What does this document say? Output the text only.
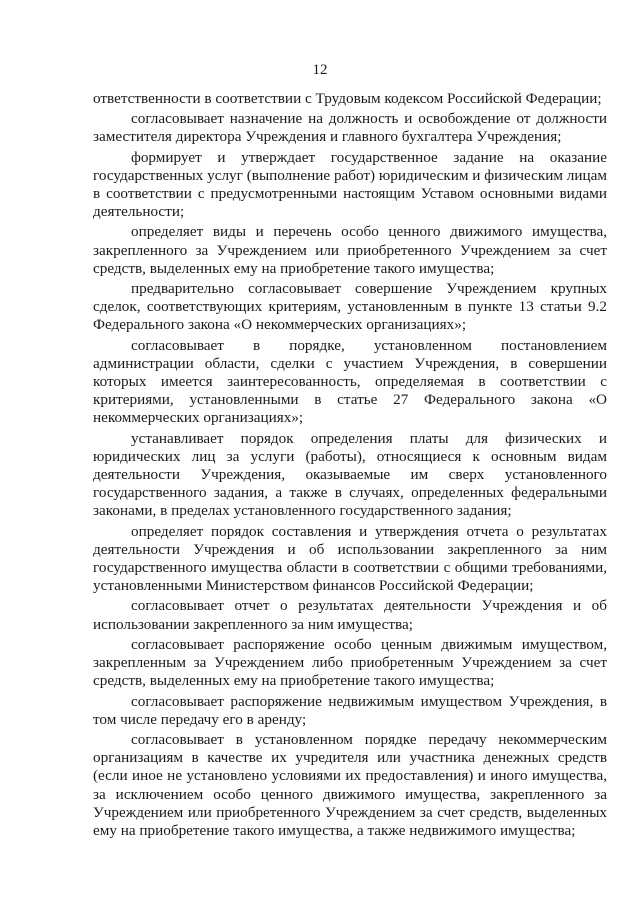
12

ответственности в соответствии с Трудовым кодексом Российской Федерации;

согласовывает назначение на должность и освобождение от должности заместителя директора Учреждения и главного бухгалтера Учреждения;

формирует и утверждает государственное задание на оказание государственных услуг (выполнение работ) юридическим и физическим лицам в соответствии с предусмотренными настоящим Уставом основными видами деятельности;

определяет виды и перечень особо ценного движимого имущества, закрепленного за Учреждением или приобретенного Учреждением за счет средств, выделенных ему на приобретение такого имущества;

предварительно согласовывает совершение Учреждением крупных сделок, соответствующих критериям, установленным в пункте 13 статьи 9.2 Федерального закона «О некоммерческих организациях»;

согласовывает в порядке, установленном постановлением администрации области, сделки с участием Учреждения, в совершении которых имеется заинтересованность, определяемая в соответствии с критериями, установленными в статье 27 Федерального закона «О некоммерческих организациях»;

устанавливает порядок определения платы для физических и юридических лиц за услуги (работы), относящиеся к основным видам деятельности Учреждения, оказываемые им сверх установленного государственного задания, а также в случаях, определенных федеральными законами, в пределах установленного государственного задания;

определяет порядок составления и утверждения отчета о результатах деятельности Учреждения и об использовании закрепленного за ним государственного имущества области в соответствии с общими требованиями, установленными Министерством финансов Российской Федерации;

согласовывает отчет о результатах деятельности Учреждения и об использовании закрепленного за ним имущества;

согласовывает распоряжение особо ценным движимым имуществом, закрепленным за Учреждением либо приобретенным Учреждением за счет средств, выделенных ему на приобретение такого имущества;

согласовывает распоряжение недвижимым имуществом Учреждения, в том числе передачу его в аренду;

согласовывает в установленном порядке передачу некоммерческим организациям в качестве их учредителя или участника денежных средств (если иное не установлено условиями их предоставления) и иного имущества, за исключением особо ценного движимого имущества, закрепленного за Учреждением или приобретенного Учреждением за счет средств, выделенных ему на приобретение такого имущества, а также недвижимого имущества;
